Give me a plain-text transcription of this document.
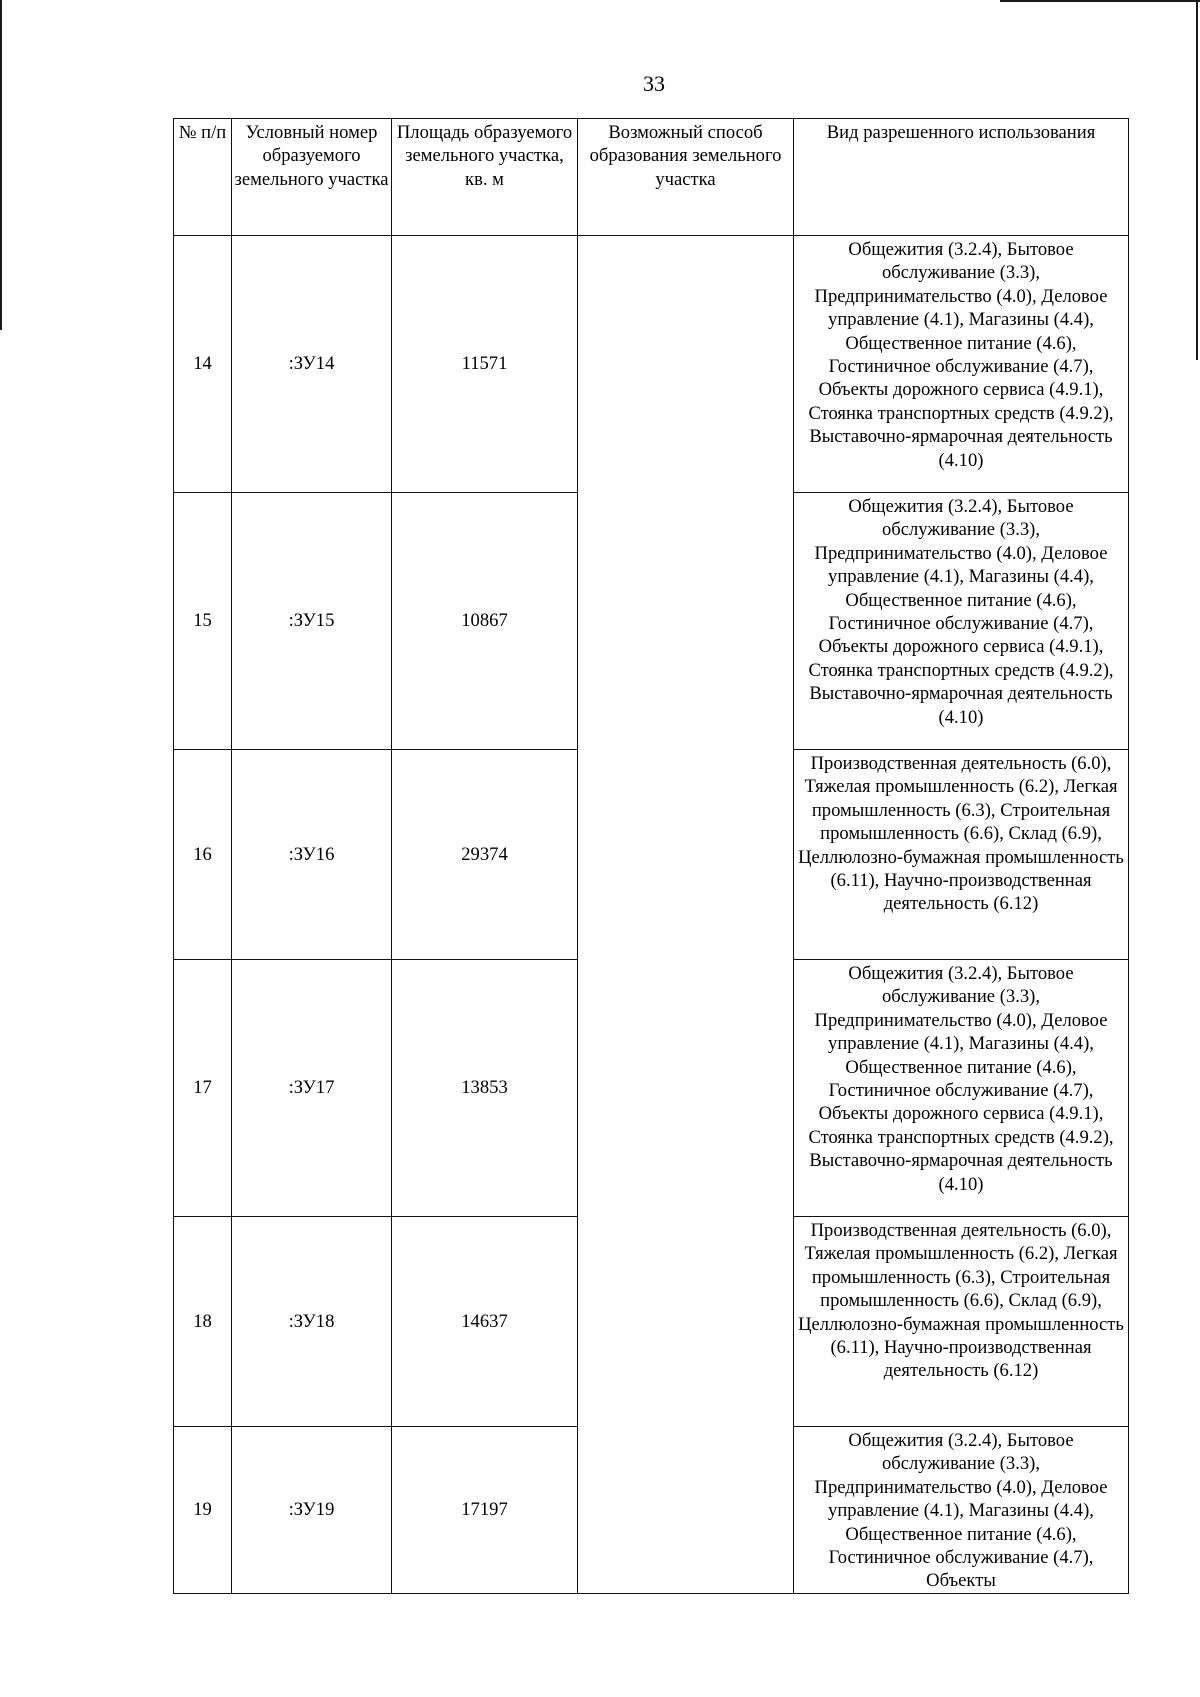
33
№ п/п	Условный номер образуемого земельного участка	Площадь образуемого земельного участка, кв. м	Возможный способ образования земельного участка	Вид разрешенного использования
14	:ЗУ14	11571		Общежития (3.2.4), Бытовое обслуживание (3.3), Предпринимательство (4.0), Деловое управление (4.1), Магазины (4.4), Общественное питание (4.6), Гостиничное обслуживание (4.7), Объекты дорожного сервиса (4.9.1), Стоянка транспортных средств (4.9.2), Выставочно-ярмарочная деятельность (4.10)
15	:ЗУ15	10867		Общежития (3.2.4), Бытовое обслуживание (3.3), Предпринимательство (4.0), Деловое управление (4.1), Магазины (4.4), Общественное питание (4.6), Гостиничное обслуживание (4.7), Объекты дорожного сервиса (4.9.1), Стоянка транспортных средств (4.9.2), Выставочно-ярмарочная деятельность (4.10)
16	:ЗУ16	29374		Производственная деятельность (6.0), Тяжелая промышленность (6.2), Легкая промышленность (6.3), Строительная промышленность (6.6), Склад (6.9), Целлюлозно-бумажная промышленность (6.11), Научно-производственная деятельность (6.12)
17	:ЗУ17	13853		Общежития (3.2.4), Бытовое обслуживание (3.3), Предпринимательство (4.0), Деловое управление (4.1), Магазины (4.4), Общественное питание (4.6), Гостиничное обслуживание (4.7), Объекты дорожного сервиса (4.9.1), Стоянка транспортных средств (4.9.2), Выставочно-ярмарочная деятельность (4.10)
18	:ЗУ18	14637		Производственная деятельность (6.0), Тяжелая промышленность (6.2), Легкая промышленность (6.3), Строительная промышленность (6.6), Склад (6.9), Целлюлозно-бумажная промышленность (6.11), Научно-производственная деятельность (6.12)
19	:ЗУ19	17197		Общежития (3.2.4), Бытовое обслуживание (3.3), Предпринимательство (4.0), Деловое управление (4.1), Магазины (4.4), Общественное питание (4.6), Гостиничное обслуживание (4.7), Объекты
